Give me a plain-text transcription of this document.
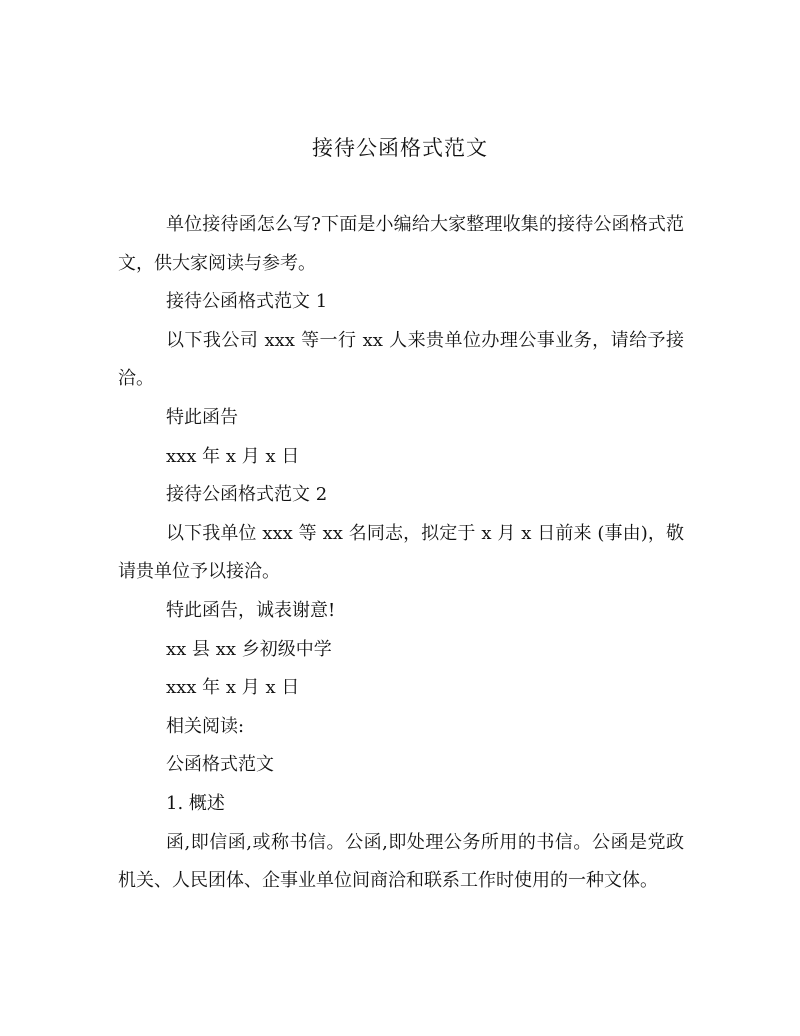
接待公函格式范文

单位接待函怎么写?下面是小编给大家整理收集的接待公函格式范文，供大家阅读与参考。

接待公函格式范文 1

以下我公司 xxx 等一行 xx 人来贵单位办理公事业务，请给予接洽。

特此函告

xxx 年 x 月 x 日

接待公函格式范文 2

以下我单位 xxx 等 xx 名同志，拟定于 x 月 x 日前来 (事由)，敬请贵单位予以接洽。

特此函告，诚表谢意!

xx 县 xx 乡初级中学

xxx 年 x 月 x 日

相关阅读:

公函格式范文

1. 概述

函,即信函,或称书信。公函,即处理公务所用的书信。公函是党政机关、人民团体、企事业单位间商洽和联系工作时使用的一种文体。
